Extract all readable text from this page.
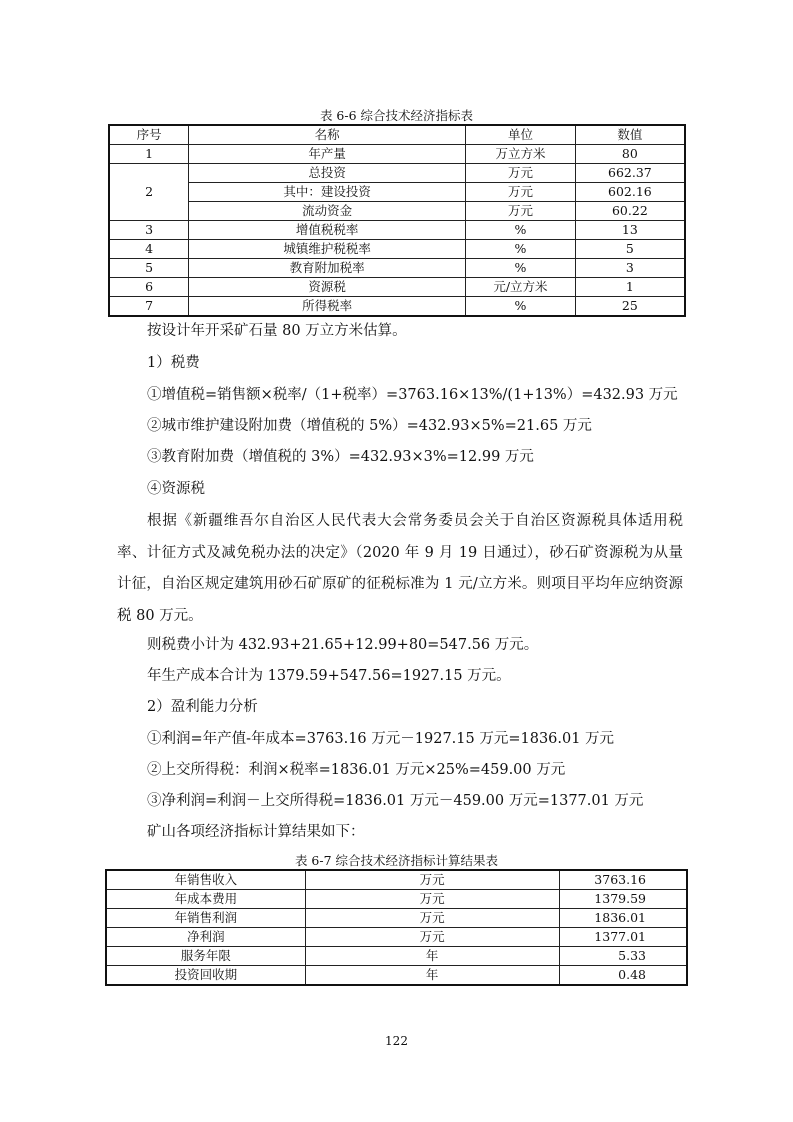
表 6-6 综合技术经济指标表
序号	名称	单位	数值
1	年产量	万立方米	80
2	总投资	万元	662.37
	其中：建设投资	万元	602.16
	流动资金	万元	60.22
3	增值税税率	%	13
4	城镇维护税税率	%	5
5	教育附加税率	%	3
6	资源税	元/立方米	1
7	所得税率	%	25
按设计年开采矿石量 80 万立方米估算。
1）税费
①增值税=销售额×税率/（1+税率）=3763.16×13%/(1+13%）=432.93 万元
②城市维护建设附加费（增值税的 5%）=432.93×5%=21.65 万元
③教育附加费（增值税的 3%）=432.93×3%=12.99 万元
④资源税
根据《新疆维吾尔自治区人民代表大会常务委员会关于自治区资源税具体适用税率、计征方式及减免税办法的决定》（2020 年 9 月 19 日通过），砂石矿资源税为从量计征，自治区规定建筑用砂石矿原矿的征税标准为 1 元/立方米。则项目平均年应纳资源税 80 万元。
则税费小计为 432.93+21.65+12.99+80=547.56 万元。
年生产成本合计为 1379.59+547.56=1927.15 万元。
2）盈利能力分析
①利润=年产值-年成本=3763.16 万元－1927.15 万元=1836.01 万元
②上交所得税：利润×税率=1836.01 万元×25%=459.00 万元
③净利润=利润－上交所得税=1836.01 万元－459.00 万元=1377.01 万元
矿山各项经济指标计算结果如下：
表 6-7 综合技术经济指标计算结果表
年销售收入	万元	3763.16
年成本费用	万元	1379.59
年销售利润	万元	1836.01
净利润	万元	1377.01
服务年限	年	5.33
投资回收期	年	0.48
122
